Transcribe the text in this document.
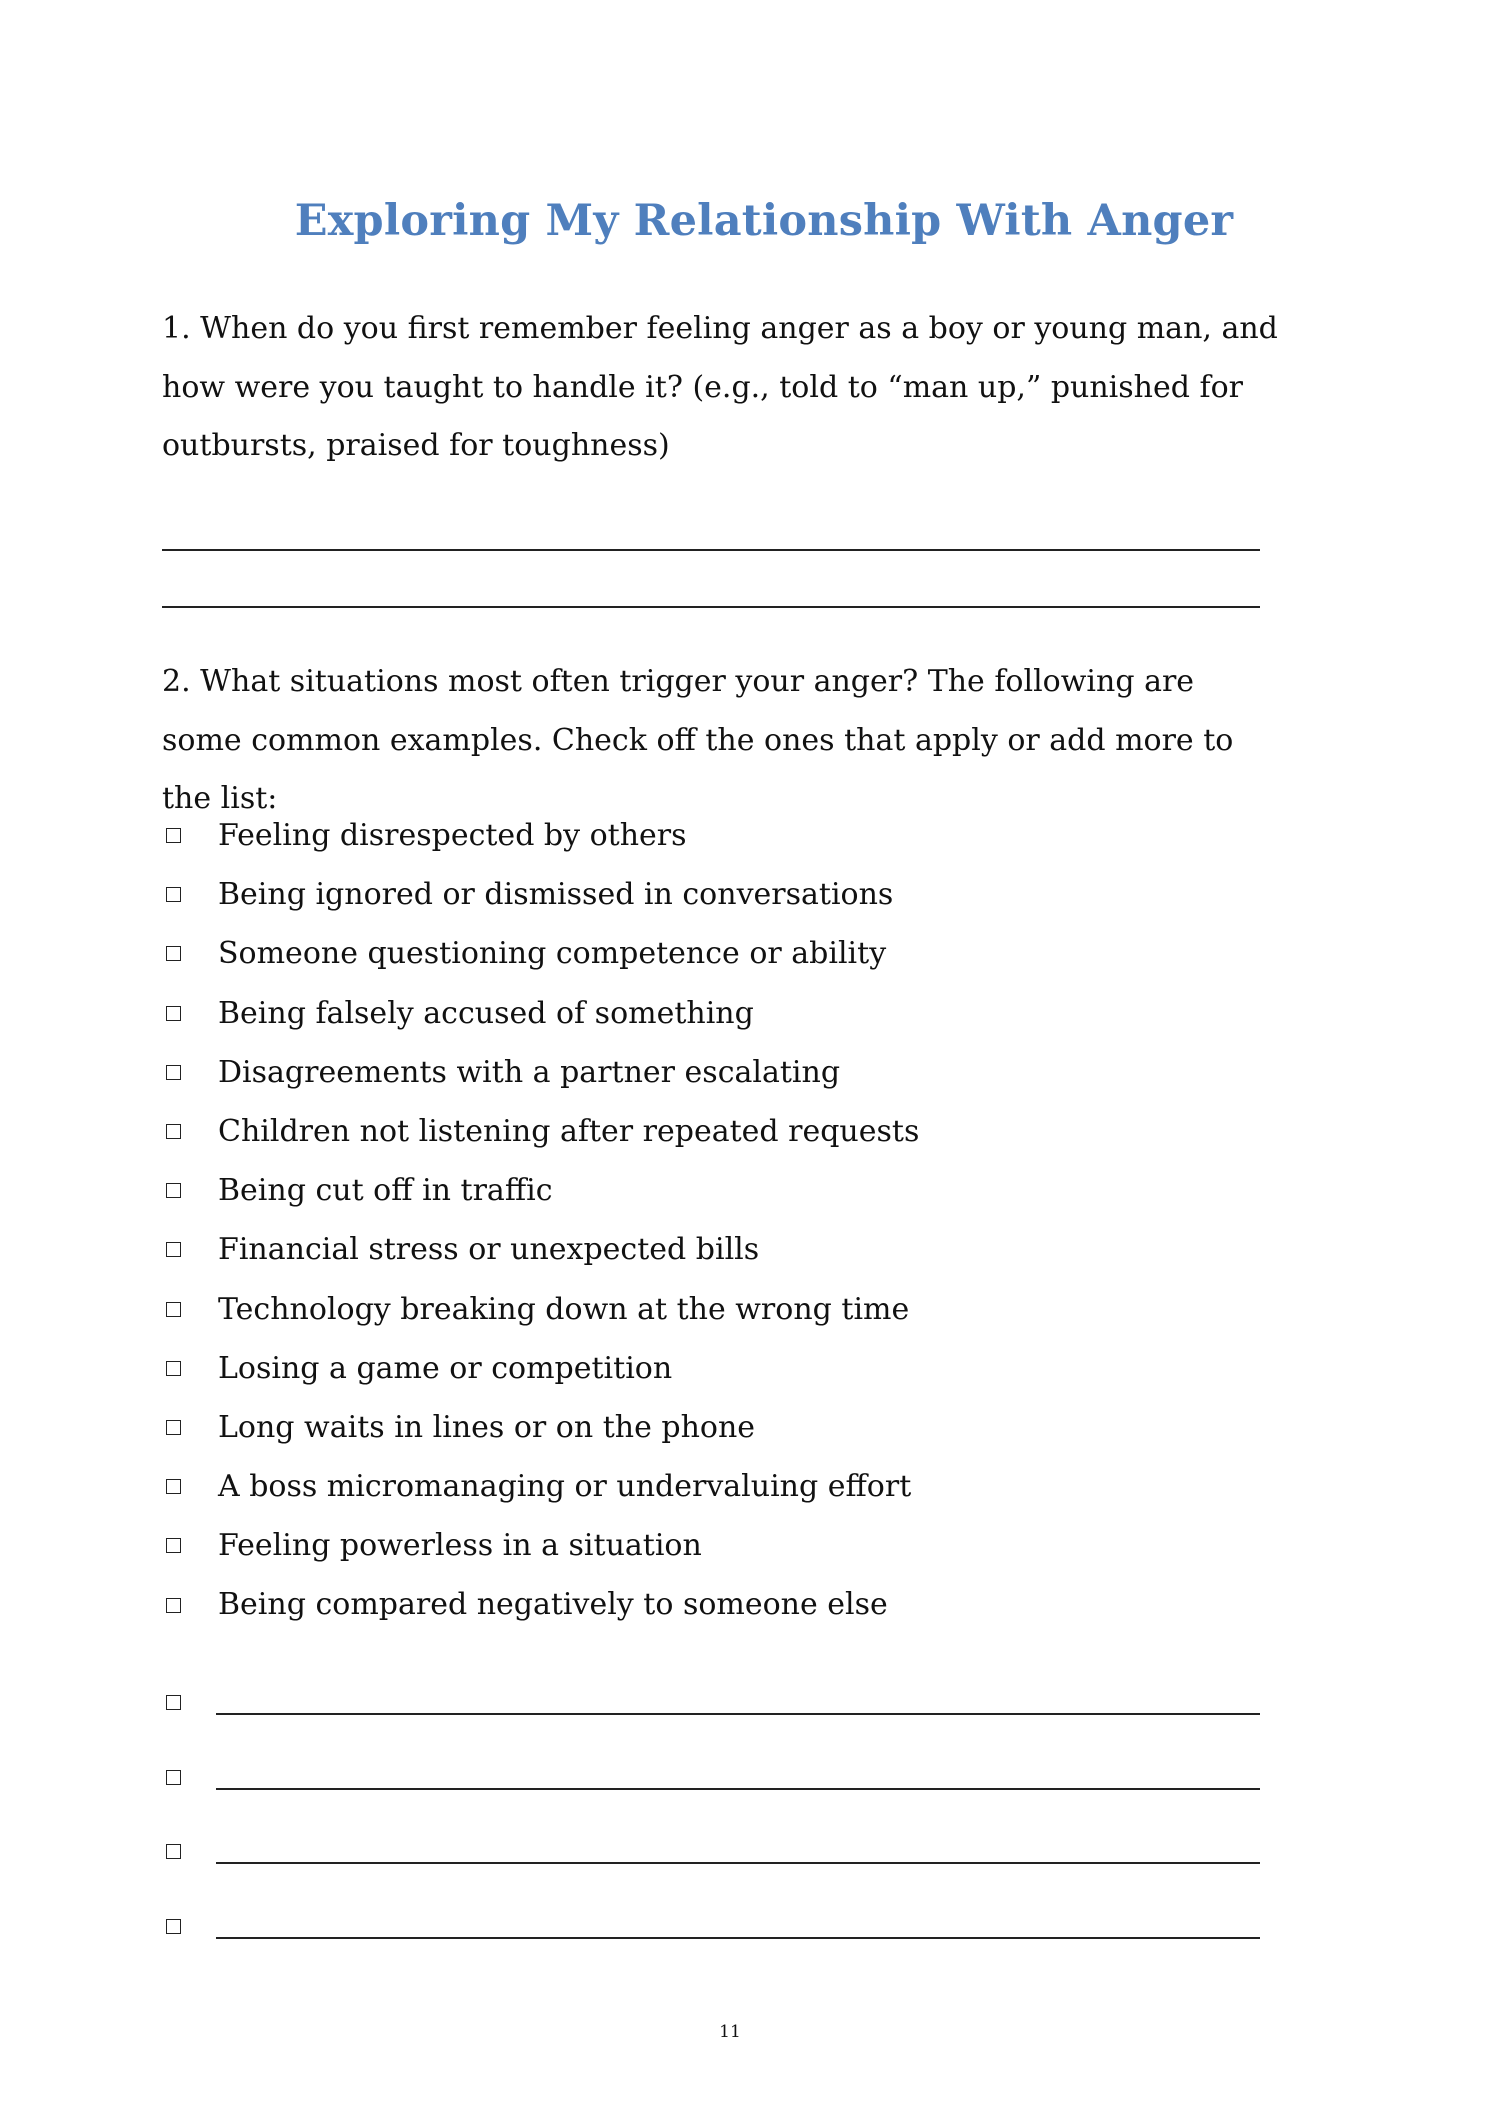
Exploring My Relationship With Anger

1. When do you first remember feeling anger as a boy or young man, and how were you taught to handle it? (e.g., told to “man up,” punished for outbursts, praised for toughness)

2. What situations most often trigger your anger? The following are some common examples. Check off the ones that apply or add more to the list:

Feeling disrespected by others
Being ignored or dismissed in conversations
Someone questioning competence or ability
Being falsely accused of something
Disagreements with a partner escalating
Children not listening after repeated requests
Being cut off in traffic
Financial stress or unexpected bills
Technology breaking down at the wrong time
Losing a game or competition
Long waits in lines or on the phone
A boss micromanaging or undervaluing effort
Feeling powerless in a situation
Being compared negatively to someone else
11
